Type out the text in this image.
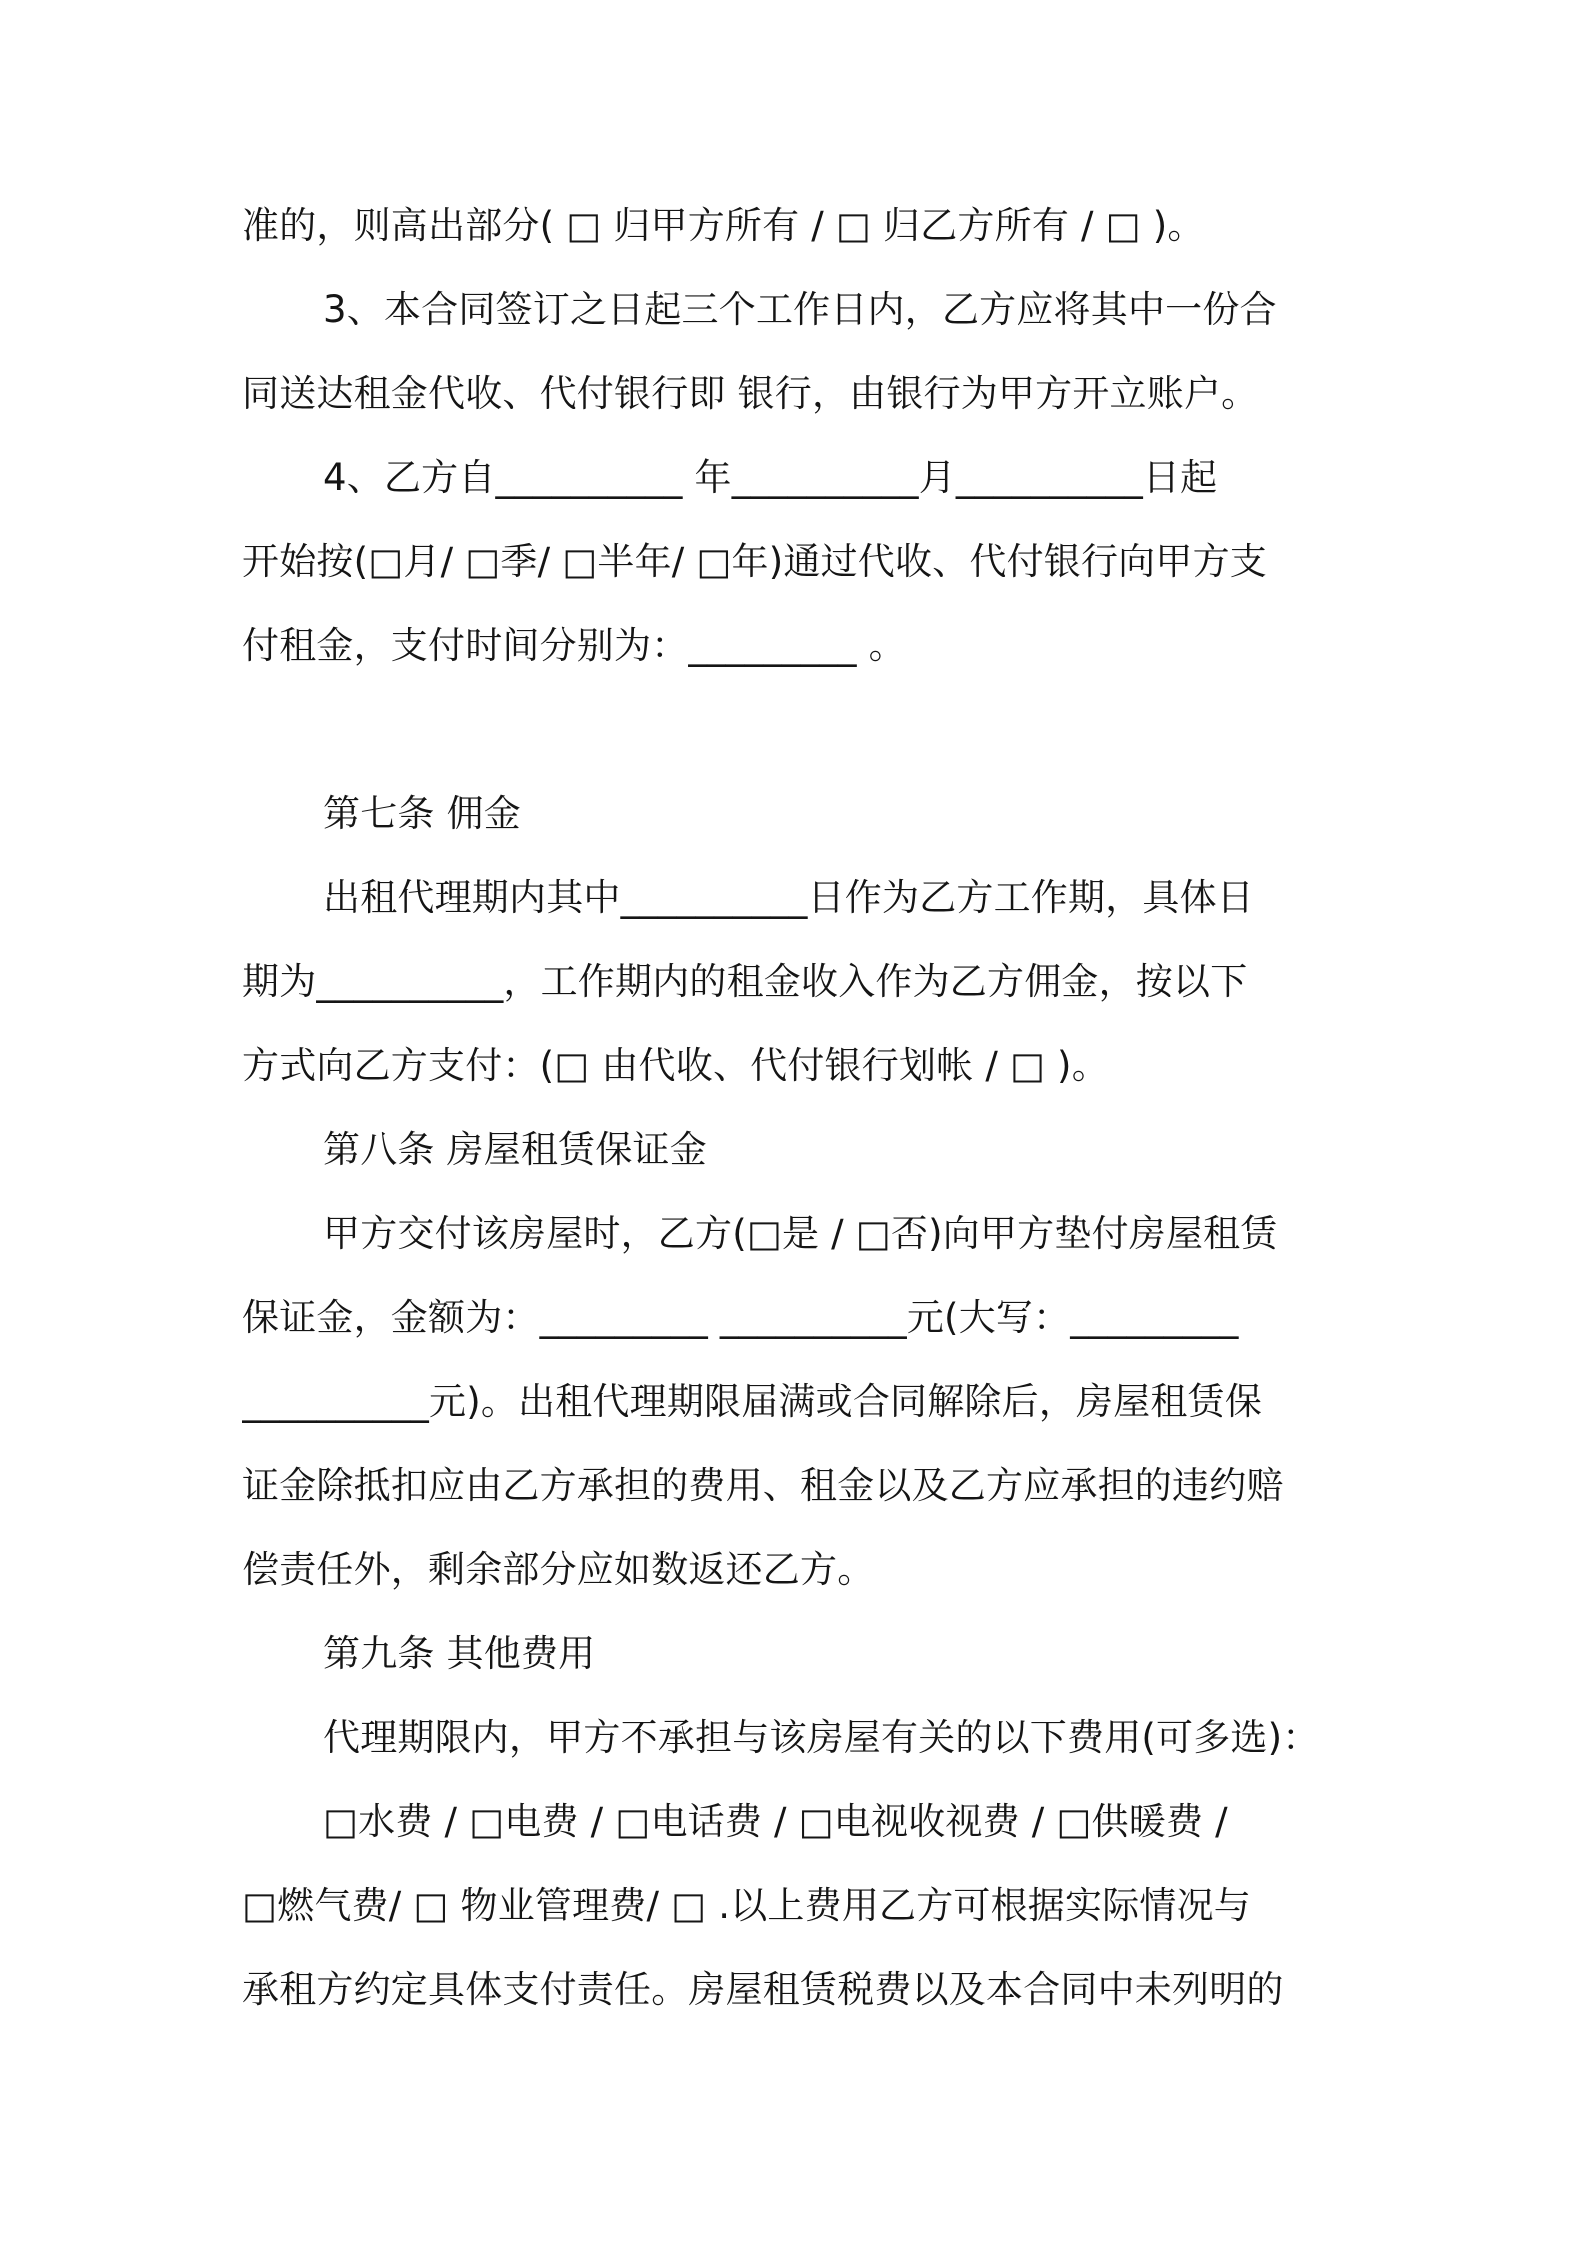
准的，则高出部分( □ 归甲方所有 / □ 归乙方所有 / □ )。
3、本合同签订之日起三个工作日内，乙方应将其中一份合
同送达租金代收、代付银行即 银行，由银行为甲方开立账户。
4、乙方自__________ 年__________月__________日起
开始按(□月/ □季/ □半年/ □年)通过代收、代付银行向甲方支
付租金，支付时间分别为：_________ 。
第七条 佣金
出租代理期内其中__________日作为乙方工作期，具体日
期为__________，工作期内的租金收入作为乙方佣金，按以下
方式向乙方支付：(□ 由代收、代付银行划帐 / □ )。
第八条 房屋租赁保证金
甲方交付该房屋时，乙方(□是 / □否)向甲方垫付房屋租赁
保证金，金额为：_________ __________元(大写：_________
__________元)。出租代理期限届满或合同解除后，房屋租赁保
证金除抵扣应由乙方承担的费用、租金以及乙方应承担的违约赔
偿责任外，剩余部分应如数返还乙方。
第九条 其他费用
代理期限内，甲方不承担与该房屋有关的以下费用(可多选)：
□水费 / □电费 / □电话费 / □电视收视费 / □供暖费 /
□燃气费/ □ 物业管理费/ □ .以上费用乙方可根据实际情况与
承租方约定具体支付责任。房屋租赁税费以及本合同中未列明的
